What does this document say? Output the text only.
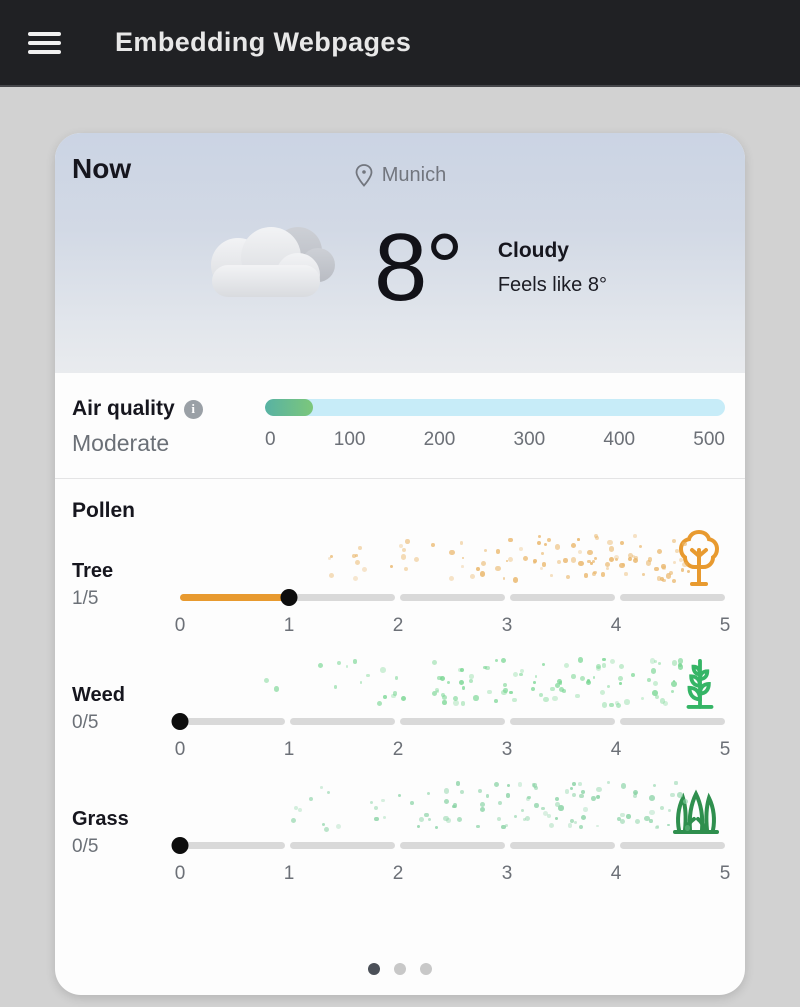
Embedding Webpages
Now	Munich
8° Cloudy
Feels like 8°
Air quality	i
Moderate	0	100	200	300	400	500
Pollen
Tree
1/5
0	1	2	3	4	5
Weed
0/5
0	1	2	3	4	5
Grass
0/5
0	1	2	3	4	5
